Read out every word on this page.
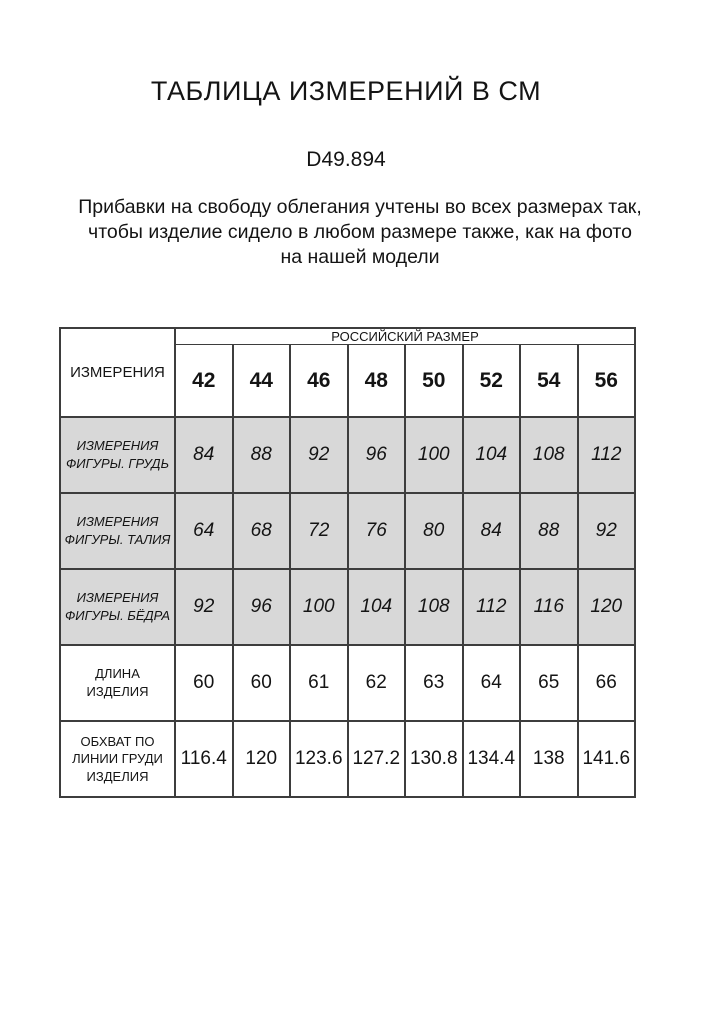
ТАБЛИЦА ИЗМЕРЕНИЙ В СМ
D49.894
Прибавки на свободу облегания учтены во всех размерах так,
чтобы изделие сидело в любом размере также, как на фото
на нашей модели
ИЗМЕРЕНИЯ	РОССИЙСКИЙ РАЗМЕР							
	42	44	46	48	50	52	54	56
ИЗМЕРЕНИЯ ФИГУРЫ. ГРУДЬ	84	88	92	96	100	104	108	112
ИЗМЕРЕНИЯ ФИГУРЫ. ТАЛИЯ	64	68	72	76	80	84	88	92
ИЗМЕРЕНИЯ ФИГУРЫ. БЁДРА	92	96	100	104	108	112	116	120
ДЛИНА ИЗДЕЛИЯ	60	60	61	62	63	64	65	66
ОБХВАТ ПО ЛИНИИ ГРУДИ ИЗДЕЛИЯ	116.4	120	123.6	127.2	130.8	134.4	138	141.6
